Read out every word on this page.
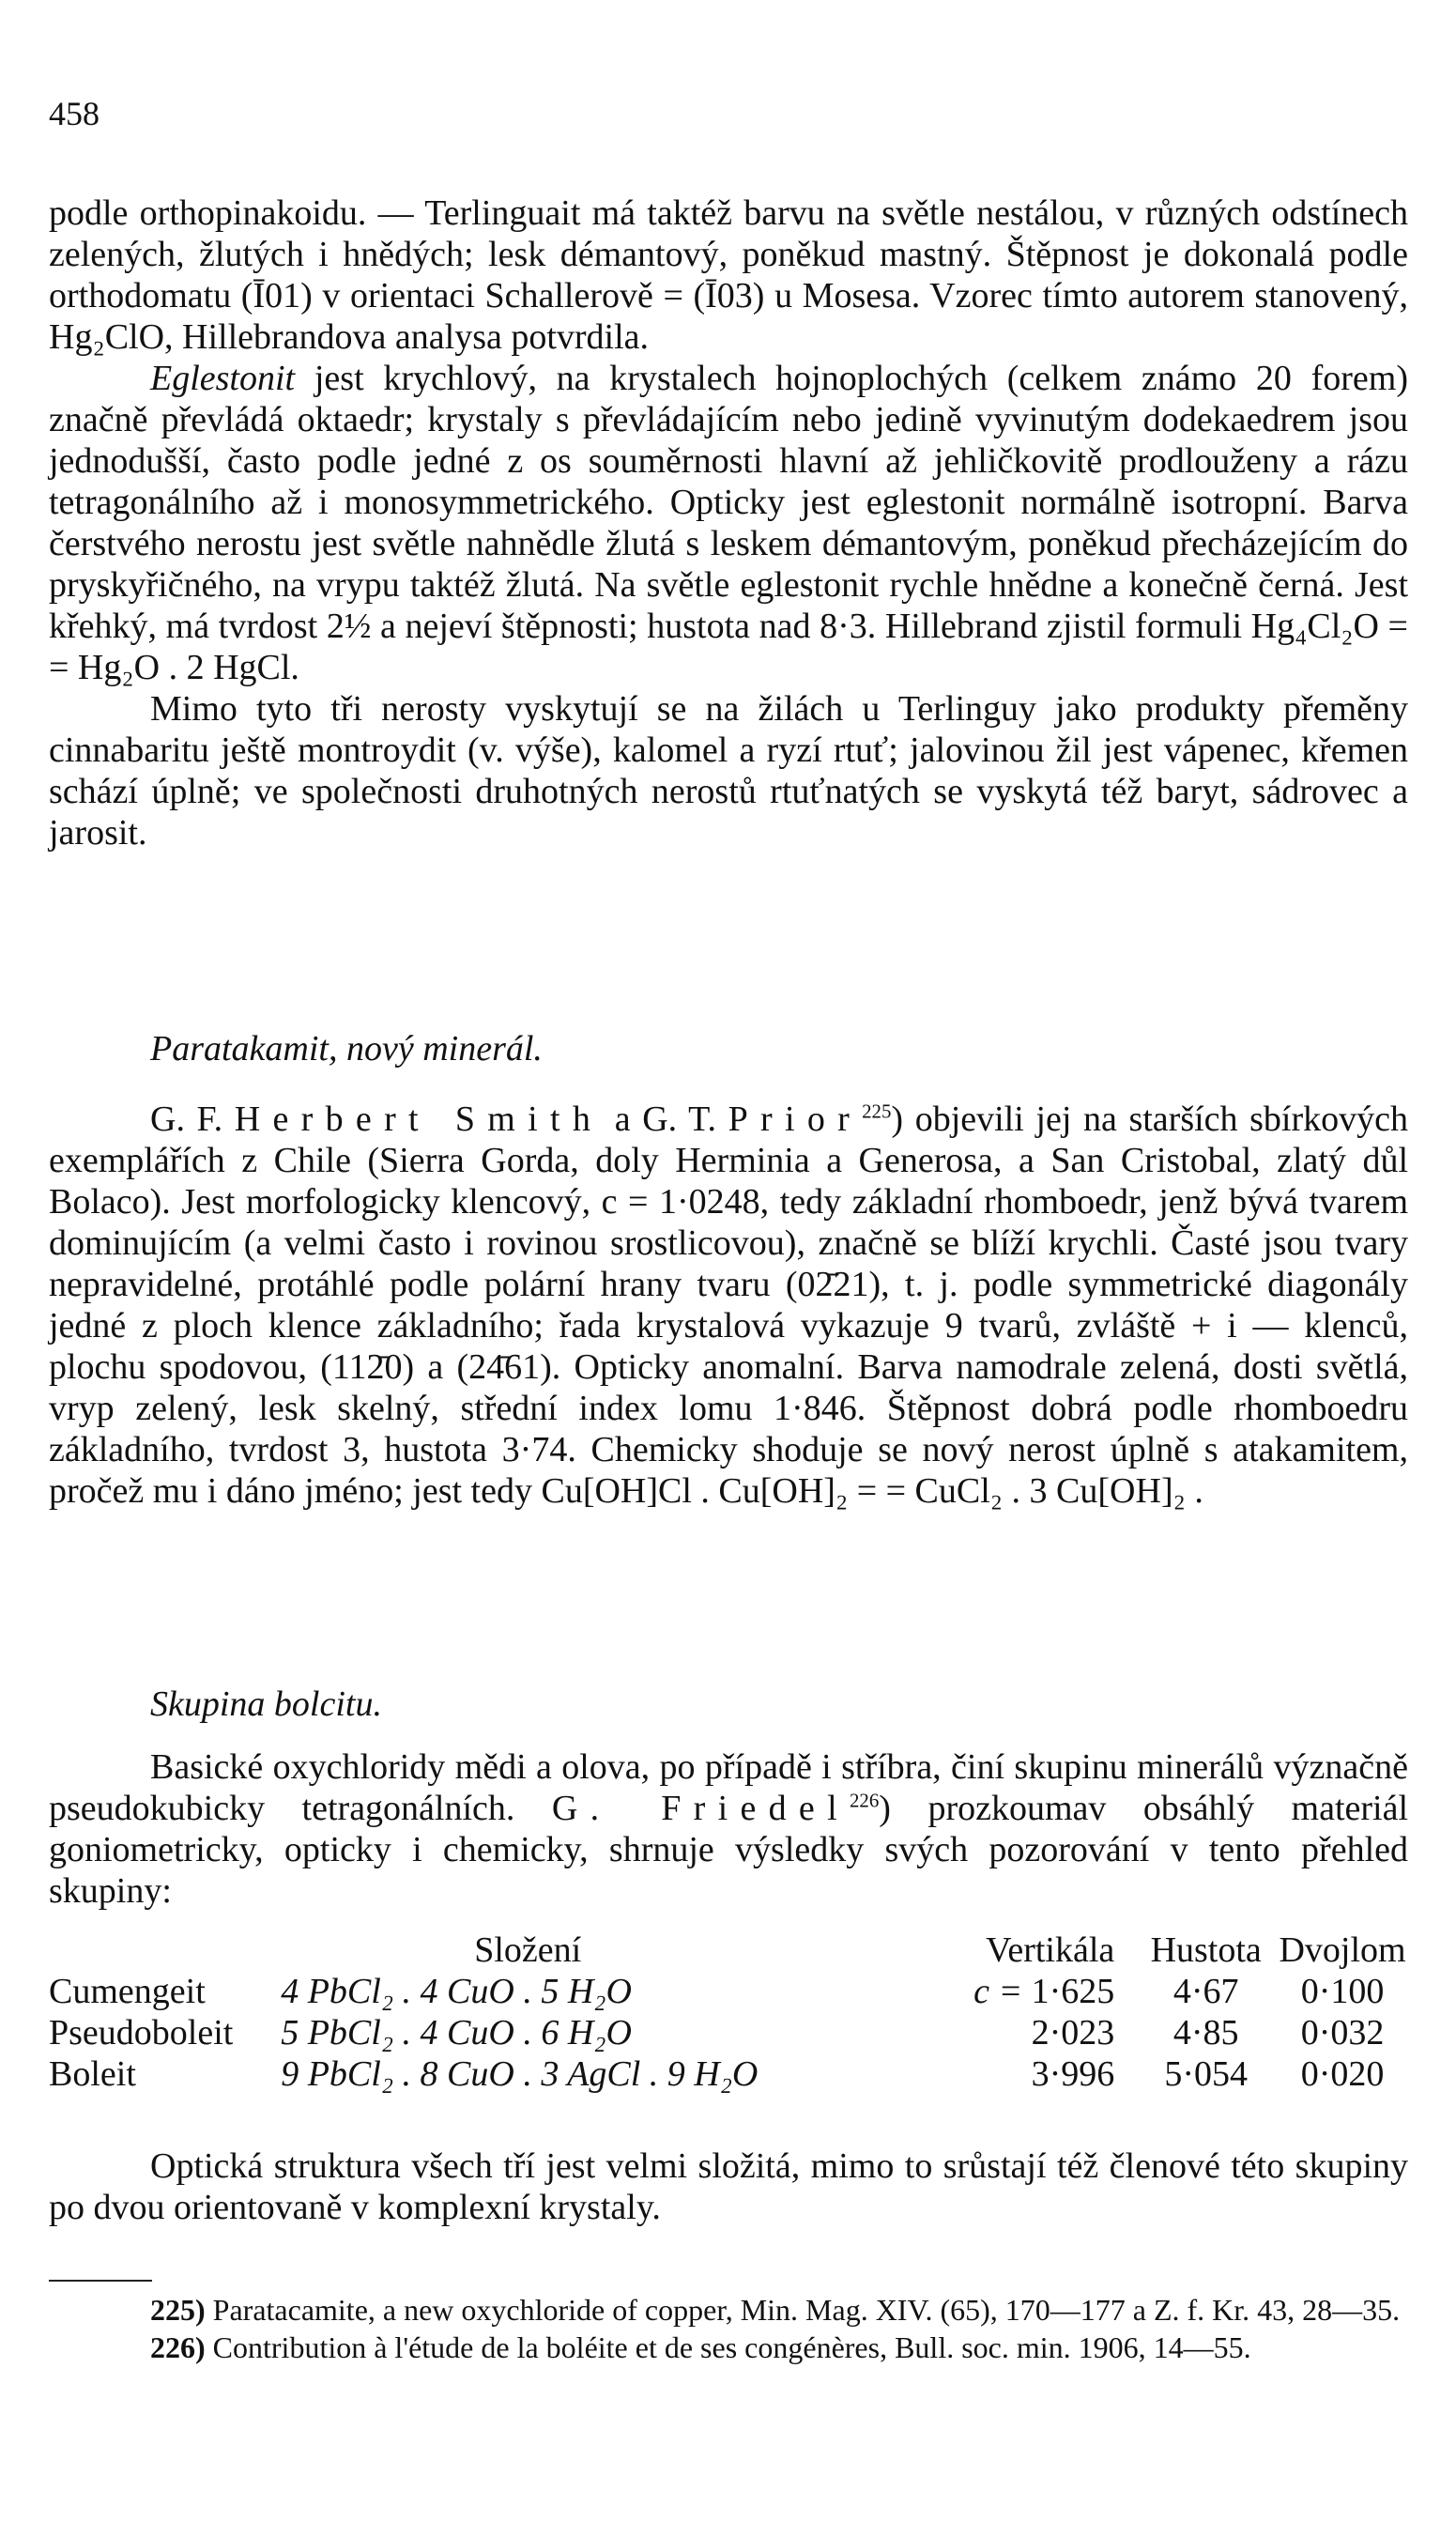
458

podle orthopinakoidu. — Terlinguait má taktéž barvu na světle nestálou, v různých odstínech zelených, žlutých i hnědých; lesk démantový, poněkud mastný. Štěpnost je dokonalá podle orthodomatu (Ī01) v orientaci Schallerově = (Ī03) u Mosesa. Vzorec tímto autorem stanovený, Hg₂ClO, Hillebrandova analysa potvrdila.

Eglestonit jest krychlový, na krystalech hojnoplochých (celkem známo 20 forem) značně převládá oktaedr; krystaly s převládajícím nebo jedině vyvinutým dodekaedrem jsou jednodušší, často podle jedné z os souměrnosti hlavní až jehličkovitě prodlouženy a rázu tetragonálního až i monosymmetrického. Opticky jest eglestonit normálně isotropní. Barva čerstvého nerostu jest světle nahnědle žlutá s leskem démantovým, poněkud přecházejícím do pryskyřičného, na vrypu taktéž žlutá. Na světle eglestonit rychle hnědne a konečně černá. Jest křehký, má tvrdost 2½ a nejeví štěpnosti; hustota nad 8·3. Hillebrand zjistil formuli Hg₄Cl₂O = = Hg₂O . 2 HgCl.

Mimo tyto tři nerosty vyskytují se na žilách u Terlinguy jako produkty přeměny cinnabaritu ještě montroydit (v. výše), kalomel a ryzí rtuť; jalovinou žil jest vápenec, křemen schází úplně; ve společnosti druhotných nerostů rtuťnatých se vyskytá též baryt, sádrovec a jarosit.

Paratakamit, nový minerál.

G. F. Herbert Smith a G. T. Prior$^{225}$) objevili jej na starších sbírkových exemplářích z Chile (Sierra Gorda, doly Herminia a Generosa, a San Cristobal, zlatý důl Bolaco). Jest morfologicky klencový, c = 1·0248, tedy základní rhomboedr, jenž bývá tvarem dominujícím (a velmi často i rovinou srostlicovou), značně se blíží krychli. Časté jsou tvary nepravidelné, protáhlé podle polární hrany tvaru (02̄21), t. j. podle symmetrické diagonály jedné z ploch klence základního; řada krystalová vykazuje 9 tvarů, zvláště + i — klenců, plochu spodovou, (112̄0) a (24̄61). Opticky anomalní. Barva namodrale zelená, dosti světlá, vryp zelený, lesk skelný, střední index lomu 1·846. Štěpnost dobrá podle rhomboedru základního, tvrdost 3, hustota 3·74. Chemicky shoduje se nový nerost úplně s atakamitem, pročež mu i dáno jméno; jest tedy Cu[OH]Cl . Cu[OH]₂ = = CuCl₂ . 3 Cu[OH]₂ .

Skupina bolcitu.

Basické oxychloridy mědi a olova, po případě i stříbra, činí skupinu minerálů význačně pseudokubicky tetragonálních. G. Friedel$^{226}$) prozkoumav obsáhlý materiál goniometricky, opticky i chemicky, shrnuje výsledky svých pozorování v tento přehled skupiny:

	Složení	Vertikála	Hustota	Dvojlom
Cumengeit	4 PbCl₂ . 4 CuO . 5 H₂O	c = 1·625	4·67	0·100
Pseudoboleit	5 PbCl₂ . 4 CuO . 6 H₂O	2·023	4·85	0·032
Boleit	9 PbCl₂ . 8 CuO . 3 AgCl . 9 H₂O	3·996	5·054	0·020

Optická struktura všech tří jest velmi složitá, mimo to srůstají též členové této skupiny po dvou orientovaně v komplexní krystaly.

225) Paratacamite, a new oxychloride of copper, Min. Mag. XIV. (65), 170—177 a Z. f. Kr. 43, 28—35.

226) Contribution à l'étude de la boléite et de ses congénères, Bull. soc. min. 1906, 14—55.
